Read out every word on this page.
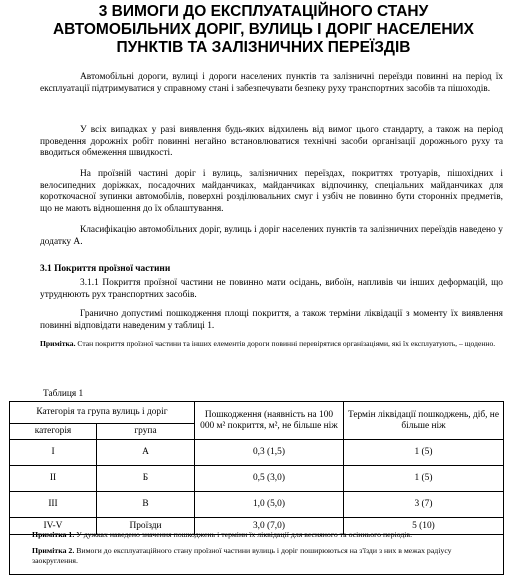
3 ВИМОГИ ДО ЕКСПЛУАТАЦІЙНОГО СТАНУ АВТОМОБІЛЬНИХ ДОРІГ, ВУЛИЦЬ І ДОРІГ НАСЕЛЕНИХ ПУНКТІВ ТА ЗАЛІЗНИЧНИХ ПЕРЕЇЗДІВ
Автомобільні дороги, вулиці і дороги населених пунктів та залізничні переїзди повинні на період їх експлуатації підтримуватися у справному стані і забезпечувати безпеку руху транспортних засобів та пішоходів.
У всіх випадках у разі виявлення будь-яких відхилень від вимог цього стандарту, а також на період проведення дорожніх робіт повинні негайно встановлюватися технічні засоби організації дорожнього руху та вводиться обмеження швидкості.
На проїзній частині доріг і вулиць, залізничних переїздах, покриттях тротуарів, пішохідних і велосипедних доріжках, посадочних майданчиках, майданчиках відпочинку, спеціальних майданчиках для короткочасної зупинки автомобілів, поверхні розділювальних смуг і узбіч не повинно бути сторонніх предметів, що не мають відношення до їх облаштування.
Класифікацію автомобільних доріг, вулиць і доріг населених пунктів та залізничних переїздів наведено у додатку А.
3.1 Покриття проїзної частини
3.1.1 Покриття проїзної частини не повинно мати осідань, вибоїн, напливів чи інших деформацій, що утруднюють рух транспортних засобів.
Гранично допустимі пошкодження площі покриття, а також терміни ліквідації з моменту їх виявлення повинні відповідати наведеним у таблиці 1.
Примітка. Стан покриття проїзної частини та інших елементів дороги повинні перевірятися організаціями, які їх експлуатують, – щоденно.
Таблиця 1
Категорія та група вулиць і доріг		Пошкодження (наявність на 100 000 м² покриття, м², не більше ніж	Термін ліквідації пошкоджень, діб, не більше ніж
категорія	група		
I	А	0,3 (1,5)	1 (5)
II	Б	0,5 (3,0)	1 (5)
III	В	1,0 (5,0)	3 (7)
IV-V	Проїзди	3,0 (7,0)	5 (10)
Примітка 1. У дужках наведено значення пошкоджень і терміни їх ліквідації для весняного та осіннього періодів.
Примітка 2. Вимоги до експлуатаційного стану проїзної частини вулиць і доріг поширюються на з'їзди з них в межах радіусу заокруглення.
